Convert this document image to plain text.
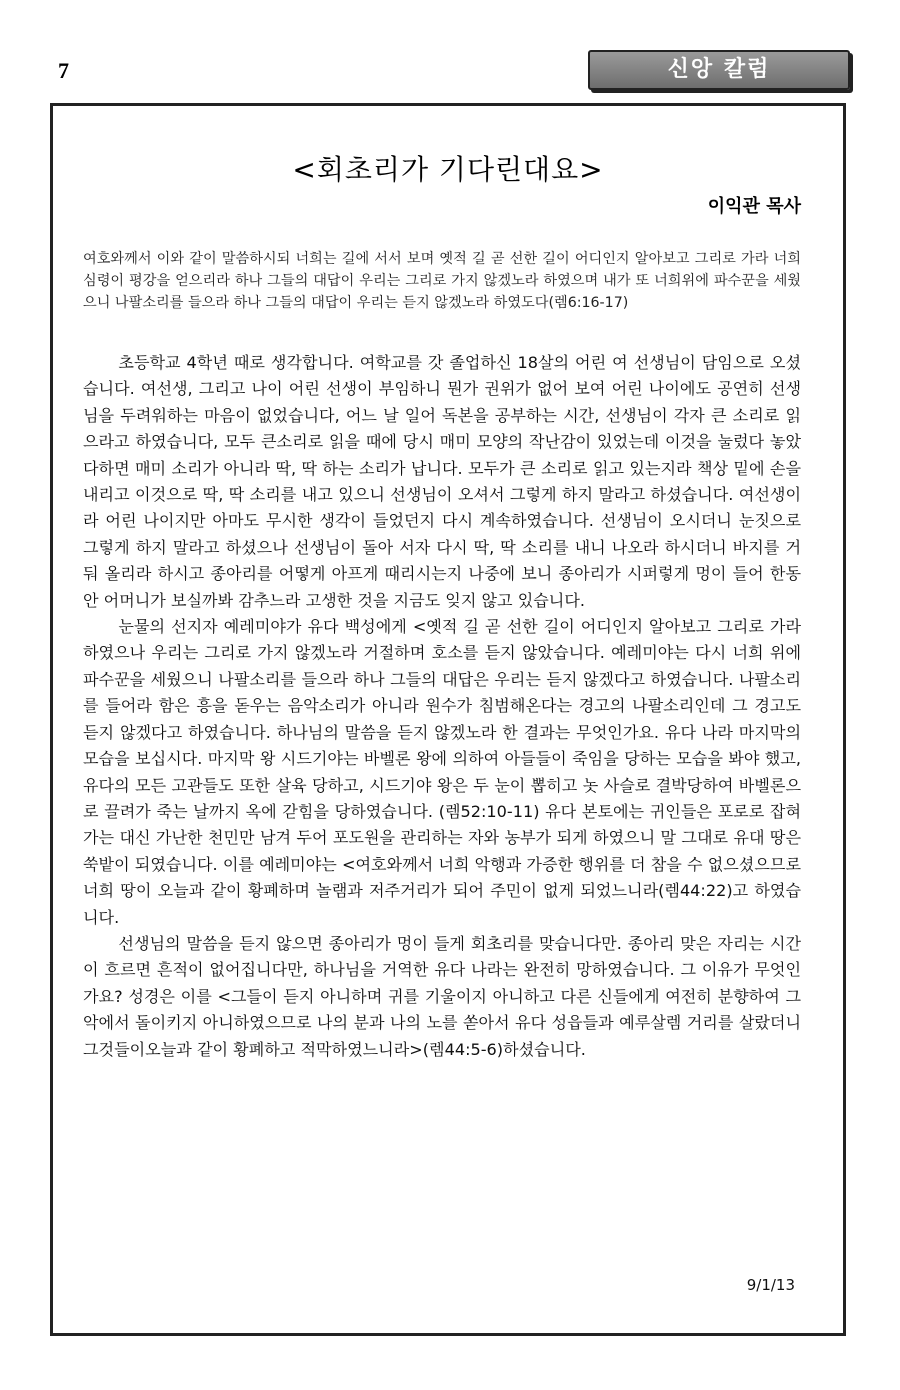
7	신앙 칼럼
<회초리가 기다린대요>
이익관 목사
여호와께서 이와 같이 말씀하시되 너희는 길에 서서 보며 옛적 길 곧 선한 길이 어디인지 알아보고 그리로 가라 너희심령이 평강을 얻으리라 하나 그들의 대답이 우리는 그리로 가지 않겠노라 하였으며 내가 또 너희위에 파수꾼을 세웠으니 나팔소리를 들으라 하나 그들의 대답이 우리는 듣지 않겠노라 하였도다(렘6:16-17)

초등학교 4학년 때로 생각합니다. 여학교를 갓 졸업하신 18살의 어린 여 선생님이 담임으로 오셨습니다. 여선생, 그리고 나이 어린 선생이 부임하니 뭔가 권위가 없어 보여 어린 나이에도 공연히 선생님을 두려워하는 마음이 없었습니다, 어느 날 일어 독본을 공부하는 시간, 선생님이 각자 큰 소리로 읽으라고 하였습니다, 모두 큰소리로 읽을 때에 당시 매미 모양의 작난감이 있었는데 이것을 눌렀다 놓았다하면 매미 소리가 아니라 딱, 딱 하는 소리가 납니다. 모두가 큰 소리로 읽고 있는지라 책상 밑에 손을 내리고 이것으로 딱, 딱 소리를 내고 있으니 선생님이 오셔서 그렇게 하지 말라고 하셨습니다. 여선생이라 어린 나이지만 아마도 무시한 생각이 들었던지 다시 계속하였습니다. 선생님이 오시더니 눈짓으로 그렇게 하지 말라고 하셨으나 선생님이 돌아 서자 다시 딱, 딱 소리를 내니 나오라 하시더니 바지를 거둬 올리라 하시고 종아리를 어떻게 아프게 때리시는지 나중에 보니 종아리가 시퍼렇게 멍이 들어 한동안 어머니가 보실까봐 감추느라 고생한 것을 지금도 잊지 않고 있습니다.

눈물의 선지자 예레미야가 유다 백성에게 <옛적 길 곧 선한 길이 어디인지 알아보고 그리로 가라 하였으나 우리는 그리로 가지 않겠노라 거절하며 호소를 듣지 않았습니다. 예레미야는 다시 너희 위에 파수꾼을 세웠으니 나팔소리를 들으라 하나 그들의 대답은 우리는 듣지 않겠다고 하였습니다. 나팔소리를 들어라 함은 흥을 돋우는 음악소리가 아니라 원수가 침범해온다는 경고의 나팔소리인데 그 경고도 듣지 않겠다고 하였습니다. 하나님의 말씀을 듣지 않겠노라 한 결과는 무엇인가요. 유다 나라 마지막의 모습을 보십시다. 마지막 왕 시드기야는 바벨론 왕에 의하여 아들들이 죽임을 당하는 모습을 봐야 했고, 유다의 모든 고관들도 또한 살육 당하고, 시드기야 왕은 두 눈이 뽑히고 놋 사슬로 결박당하여 바벨론으로 끌려가 죽는 날까지 옥에 갇힘을 당하였습니다. (렘52:10-11) 유다 본토에는 귀인들은 포로로 잡혀가는 대신 가난한 천민만 남겨 두어 포도원을 관리하는 자와 농부가 되게 하였으니 말 그대로 유대 땅은 쑥밭이 되였습니다. 이를 예레미야는 <여호와께서 너희 악행과 가증한 행위를 더 참을 수 없으셨으므로 너희 땅이 오늘과 같이 황폐하며 놀램과 저주거리가 되어 주민이 없게 되었느니라(렘44:22)고 하였습니다.

선생님의 말씀을 듣지 않으면 종아리가 멍이 들게 회초리를 맞습니다만. 종아리 맞은 자리는 시간이 흐르면 흔적이 없어집니다만, 하나님을 거역한 유다 나라는 완전히 망하였습니다. 그 이유가 무엇인가요? 성경은 이를 <그들이 듣지 아니하며 귀를 기울이지 아니하고 다른 신들에게 여전히 분향하여 그 악에서 돌이키지 아니하였으므로 나의 분과 나의 노를 쏟아서 유다 성읍들과 예루살렘 거리를 살랐더니 그것들이오늘과 같이 황폐하고 적막하였느니라>(렘44:5-6)하셨습니다.

9/1/13
